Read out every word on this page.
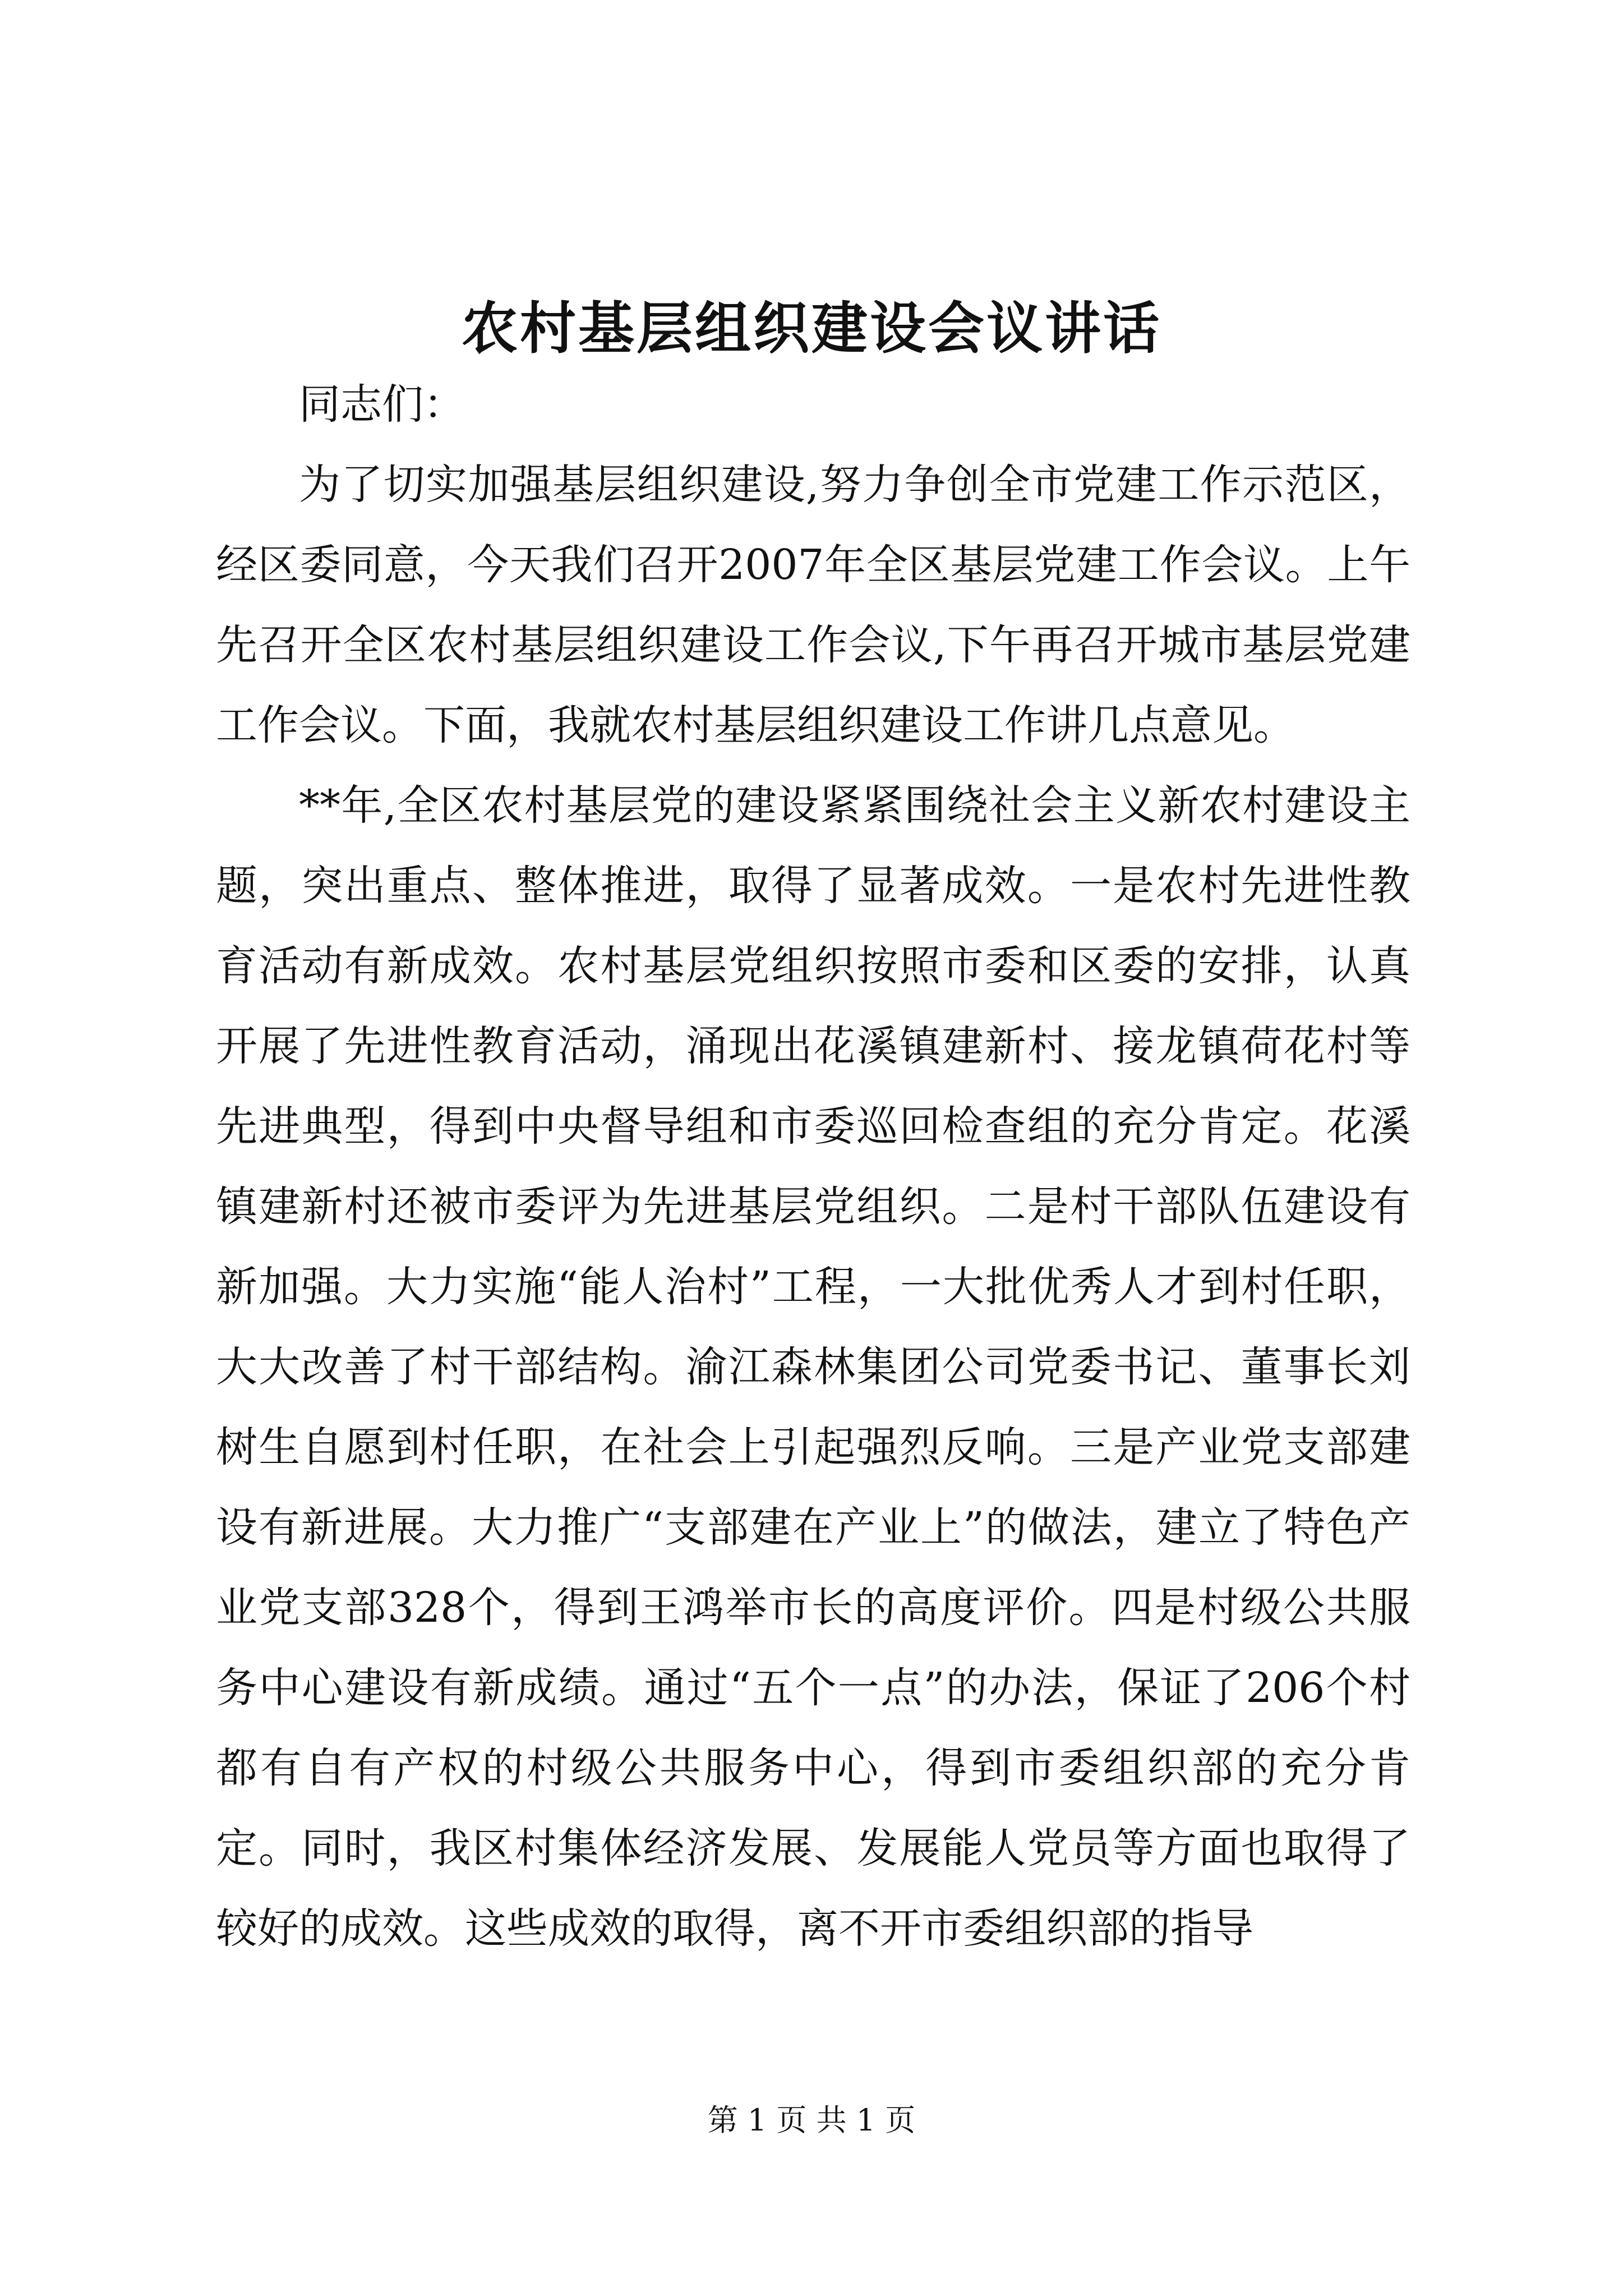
农村基层组织建设会议讲话

同志们：

为了切实加强基层组织建设,努力争创全市党建工作示范区，经区委同意，今天我们召开2007年全区基层党建工作会议。上午先召开全区农村基层组织建设工作会议,下午再召开城市基层党建工作会议。下面，我就农村基层组织建设工作讲几点意见。

**年,全区农村基层党的建设紧紧围绕社会主义新农村建设主题，突出重点、整体推进，取得了显著成效。一是农村先进性教育活动有新成效。农村基层党组织按照市委和区委的安排，认真开展了先进性教育活动，涌现出花溪镇建新村、接龙镇荷花村等先进典型，得到中央督导组和市委巡回检查组的充分肯定。花溪镇建新村还被市委评为先进基层党组织。二是村干部队伍建设有新加强。大力实施“能人治村”工程，一大批优秀人才到村任职，大大改善了村干部结构。渝江森林集团公司党委书记、董事长刘树生自愿到村任职，在社会上引起强烈反响。三是产业党支部建设有新进展。大力推广“支部建在产业上”的做法，建立了特色产业党支部328个，得到王鸿举市长的高度评价。四是村级公共服务中心建设有新成绩。通过“五个一点”的办法，保证了206个村都有自有产权的村级公共服务中心，得到市委组织部的充分肯定。同时，我区村集体经济发展、发展能人党员等方面也取得了较好的成效。这些成效的取得，离不开市委组织部的指导

第 1 页 共 1 页
